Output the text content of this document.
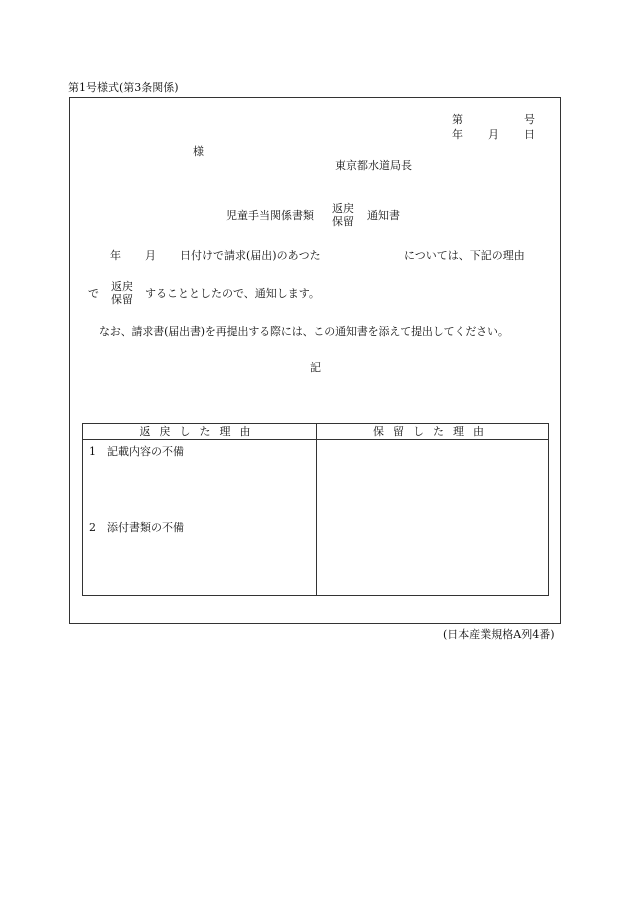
第1号様式(第3条関係)
第	号
年 月 日
様
東京都水道局長
児童手当関係書類
返戻
保留 通知書
年 月 日付けで請求(届出)のあつた	については、下記の理由
で
返戻
保留 することとしたので、通知します。
なお、請求書(届出書)を再提出する際には、この通知書を添えて提出してください。
記
返戻した理由	保留した理由
1 記載内容の不備
2 添付書類の不備
(日本産業規格A列4番)
